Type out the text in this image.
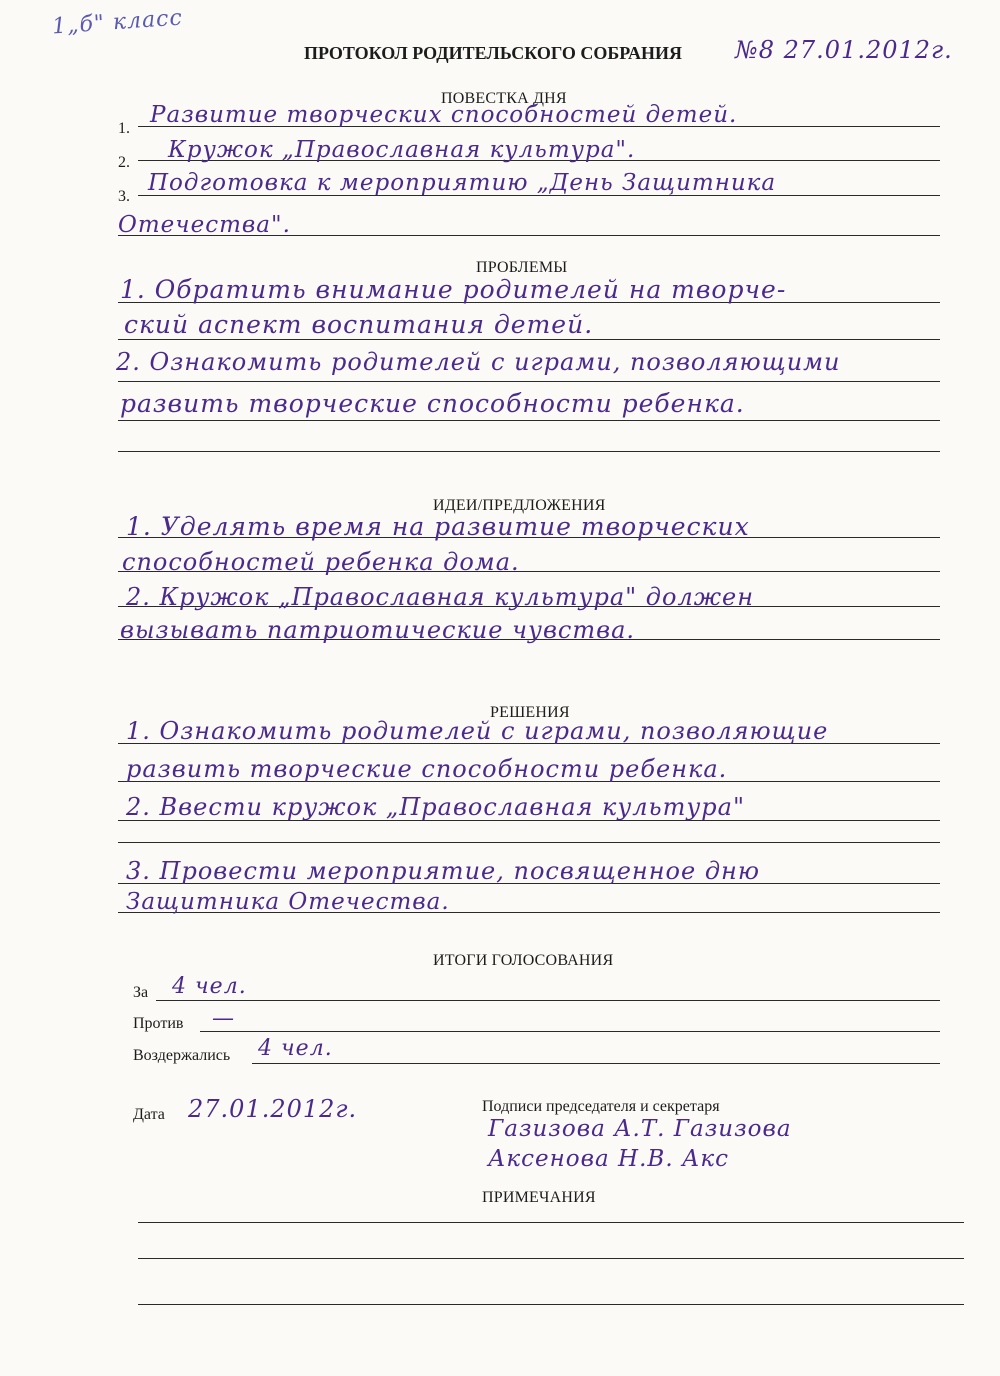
1„б" класс
ПРОТОКОЛ РОДИТЕЛЬСКОГО СОБРАНИЯ №8 27.01.2012г.
ПОВЕСТКА ДНЯ
1.
Развитие творческих способностей детей.
2. Кружок „Православная культура".
3.
Подготовка к мероприятию „День Защитника
Отечества".
ПРОБЛЕМЫ
1. Обратить внимание родителей на творче-
ский аспект воспитания детей.
2. Ознакомить родителей с играми, позволяющими
развить творческие способности ребенка.
ИДЕИ/ПРЕДЛОЖЕНИЯ
1. Уделять время на развитие творческих
способностей ребенка дома.
2. Кружок „Православная культура" должен
вызывать патриотические чувства.
РЕШЕНИЯ
1. Ознакомить родителей с играми, позволяющие
развить творческие способности ребенка.
2. Ввести кружок „Православная культура"
3. Провести мероприятие, посвященное дню
Защитника Отечества.
ИТОГИ ГОЛОСОВАНИЯ
За 4 чел.
Против —
Воздержались 4 чел.
Дата 27.01.2012г.	Подписи председателя и секретаря
Газизова А.Т. Газизова
Аксенова Н.В. Акс
ПРИМЕЧАНИЯ
